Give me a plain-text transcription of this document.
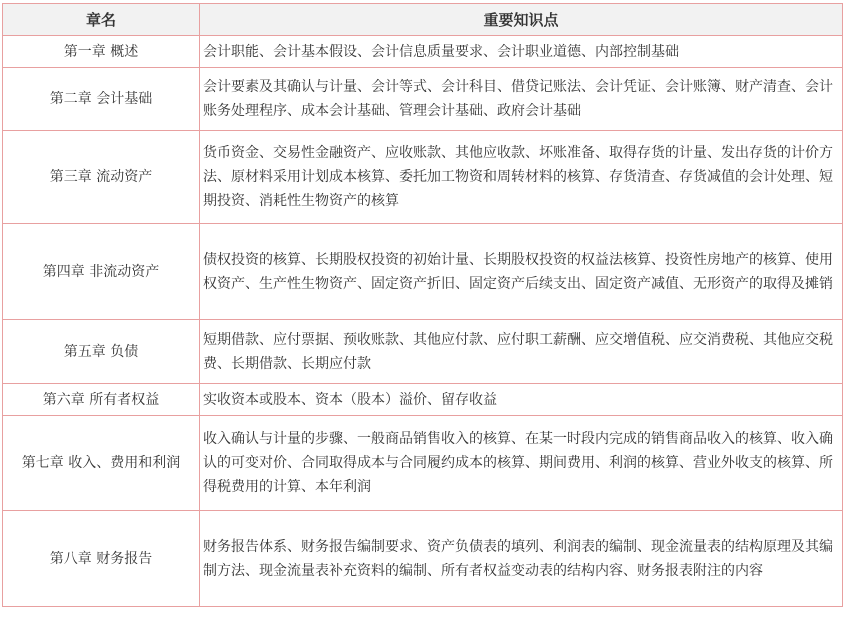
章名	重要知识点
第一章 概述	会计职能、会计基本假设、会计信息质量要求、会计职业道德、内部控制基础
第二章 会计基础	会计要素及其确认与计量、会计等式、会计科目、借贷记账法、会计凭证、会计账簿、财产清查、会计账务处理程序、成本会计基础、管理会计基础、政府会计基础
第三章 流动资产	货币资金、交易性金融资产、应收账款、其他应收款、坏账准备、取得存货的计量、发出存货的计价方法、原材料采用计划成本核算、委托加工物资和周转材料的核算、存货清查、存货减值的会计处理、短期投资、消耗性生物资产的核算
第四章 非流动资产	债权投资的核算、长期股权投资的初始计量、长期股权投资的权益法核算、投资性房地产的核算、使用权资产、生产性生物资产、固定资产折旧、固定资产后续支出、固定资产减值、无形资产的取得及摊销
第五章 负债	短期借款、应付票据、预收账款、其他应付款、应付职工薪酬、应交增值税、应交消费税、其他应交税费、长期借款、长期应付款
第六章 所有者权益	实收资本或股本、资本（股本）溢价、留存收益
第七章 收入、费用和利润	收入确认与计量的步骤、一般商品销售收入的核算、在某一时段内完成的销售商品收入的核算、收入确认的可变对价、合同取得成本与合同履约成本的核算、期间费用、利润的核算、营业外收支的核算、所得税费用的计算、本年利润
第八章 财务报告	财务报告体系、财务报告编制要求、资产负债表的填列、利润表的编制、现金流量表的结构原理及其编制方法、现金流量表补充资料的编制、所有者权益变动表的结构内容、财务报表附注的内容
